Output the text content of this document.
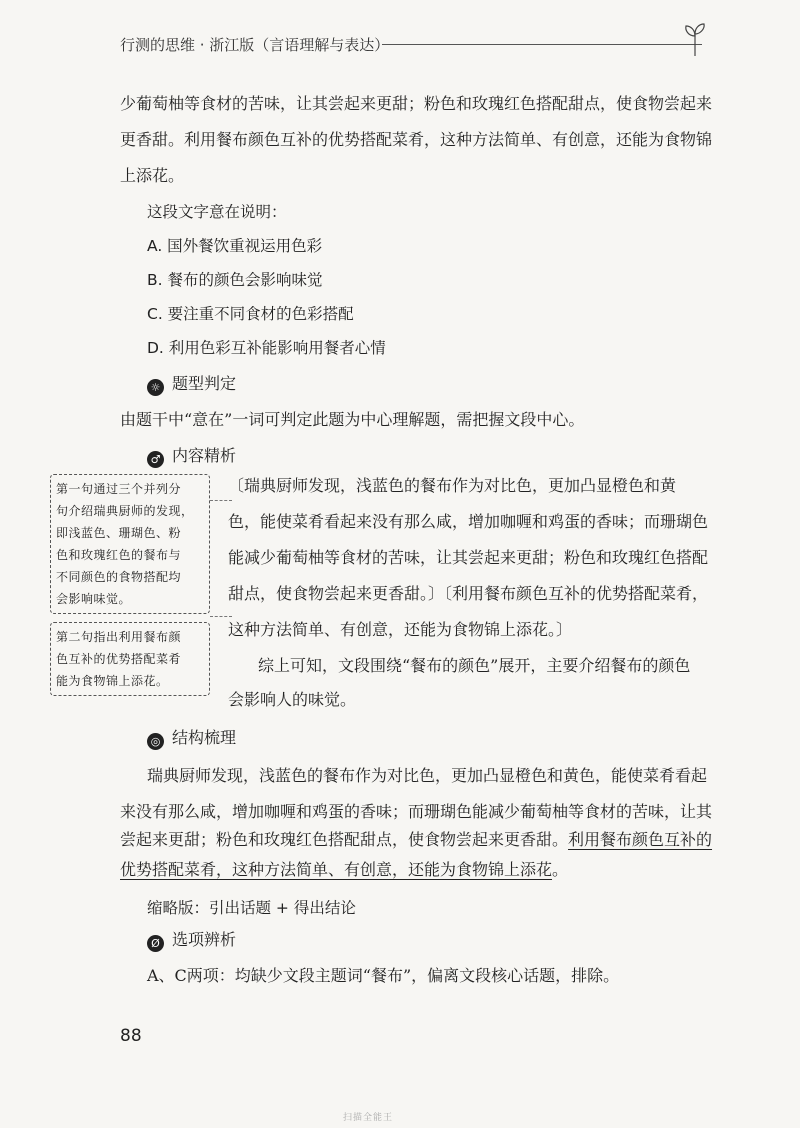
行测的思维 · 浙江版（言语理解与表达）
少葡萄柚等食材的苦味，让其尝起来更甜；粉色和玫瑰红色搭配甜点，使食物尝起来
更香甜。利用餐布颜色互补的优势搭配菜肴，这种方法简单、有创意，还能为食物锦
上添花。
这段文字意在说明：
A. 国外餐饮重视运用色彩
B. 餐布的颜色会影响味觉
C. 要注重不同食材的色彩搭配
D. 利用色彩互补能影响用餐者心情
☼ 题型判定
由题干中“意在”一词可判定此题为中心理解题，需把握文段中心。
♂ 内容精析
第一句通过三个并列分
句介绍瑞典厨师的发现，
即浅蓝色、珊瑚色、粉
色和玫瑰红色的餐布与
不同颜色的食物搭配均
会影响味觉。
第二句指出利用餐布颜
色互补的优势搭配菜肴
能为食物锦上添花。
〔瑞典厨师发现，浅蓝色的餐布作为对比色，更加凸显橙色和黄
色，能使菜肴看起来没有那么咸，增加咖喱和鸡蛋的香味；而珊瑚色
能减少葡萄柚等食材的苦味，让其尝起来更甜；粉色和玫瑰红色搭配
甜点，使食物尝起来更香甜。〕〔利用餐布颜色互补的优势搭配菜肴，
这种方法简单、有创意，还能为食物锦上添花。〕
综上可知，文段围绕“餐布的颜色”展开，主要介绍餐布的颜色
会影响人的味觉。
◎ 结构梳理
瑞典厨师发现，浅蓝色的餐布作为对比色，更加凸显橙色和黄色，能使菜肴看起
来没有那么咸，增加咖喱和鸡蛋的香味；而珊瑚色能减少葡萄柚等食材的苦味，让其
尝起来更甜；粉色和玫瑰红色搭配甜点，使食物尝起来更香甜。利用餐布颜色互补的
优势搭配菜肴，这种方法简单、有创意，还能为食物锦上添花。
缩略版：引出话题 + 得出结论
Ø 选项辨析
A、C两项：均缺少文段主题词“餐布”，偏离文段核心话题，排除。
88
扫描全能王
